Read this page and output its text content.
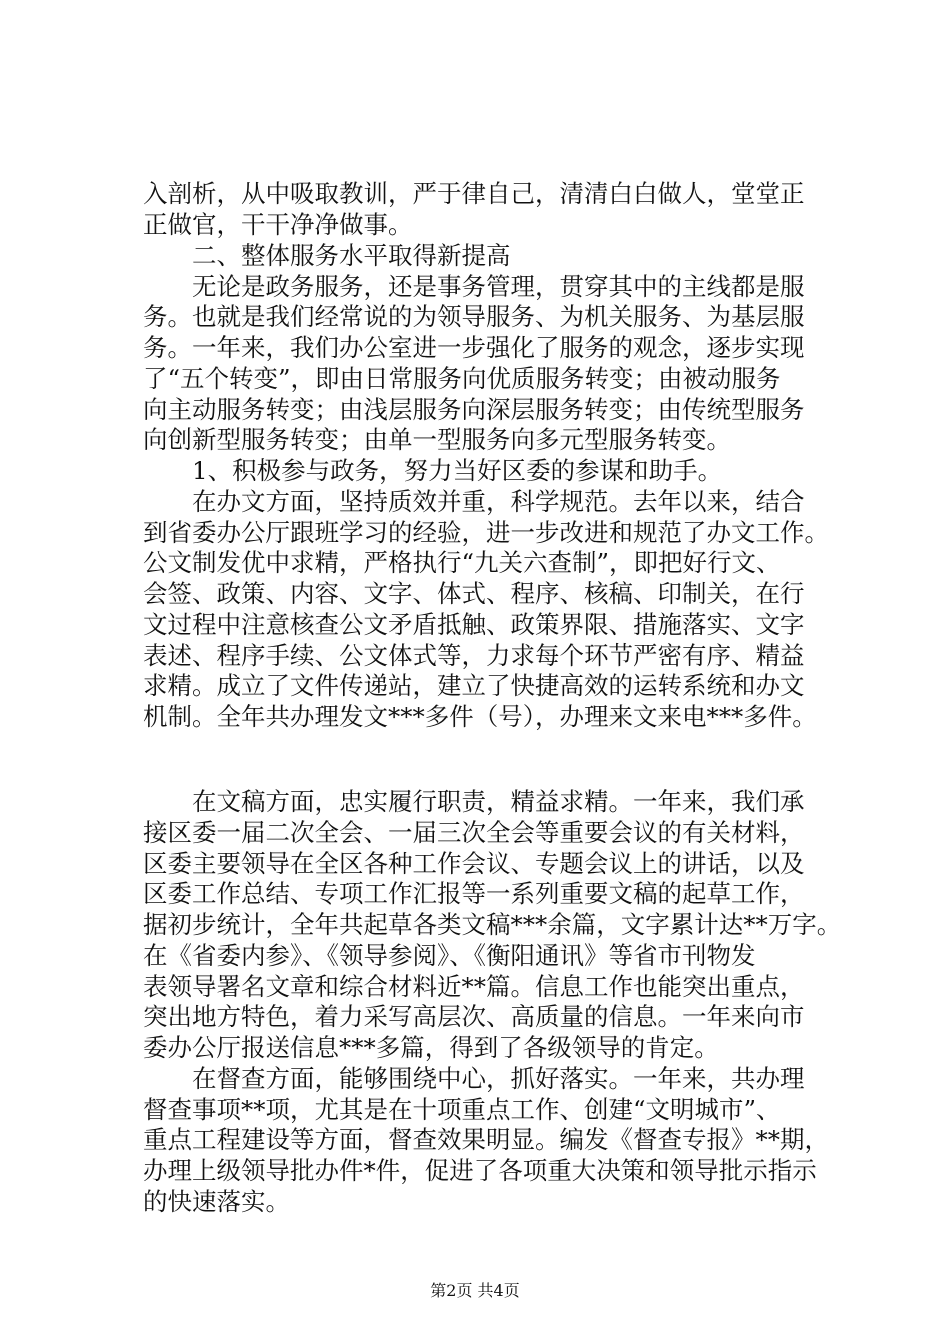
入剖析，从中吸取教训，严于律自己，清清白白做人，堂堂正
正做官，干干净净做事。
　　二、整体服务水平取得新提高
　　无论是政务服务，还是事务管理，贯穿其中的主线都是服
务。也就是我们经常说的为领导服务、为机关服务、为基层服
务。一年来，我们办公室进一步强化了服务的观念，逐步实现
了“五个转变”，即由日常服务向优质服务转变；由被动服务
向主动服务转变；由浅层服务向深层服务转变；由传统型服务
向创新型服务转变；由单一型服务向多元型服务转变。
　　1、积极参与政务，努力当好区委的参谋和助手。
　　在办文方面，坚持质效并重，科学规范。去年以来，结合
到省委办公厅跟班学习的经验，进一步改进和规范了办文工作。
公文制发优中求精，严格执行“九关六查制”，即把好行文、
会签、政策、内容、文字、体式、程序、核稿、印制关，在行
文过程中注意核查公文矛盾抵触、政策界限、措施落实、文字
表述、程序手续、公文体式等，力求每个环节严密有序、精益
求精。成立了文件传递站，建立了快捷高效的运转系统和办文
机制。全年共办理发文***多件（号），办理来文来电***多件。
　　在文稿方面，忠实履行职责，精益求精。一年来，我们承
接区委一届二次全会、一届三次全会等重要会议的有关材料，
区委主要领导在全区各种工作会议、专题会议上的讲话，以及
区委工作总结、专项工作汇报等一系列重要文稿的起草工作，
据初步统计，全年共起草各类文稿***余篇，文字累计达**万字。
在《省委内参》、《领导参阅》、《衡阳通讯》等省市刊物发
表领导署名文章和综合材料近**篇。信息工作也能突出重点，
突出地方特色，着力采写高层次、高质量的信息。一年来向市
委办公厅报送信息***多篇，得到了各级领导的肯定。
　　在督查方面，能够围绕中心，抓好落实。一年来，共办理
督查事项**项，尤其是在十项重点工作、创建“文明城市”、
重点工程建设等方面，督查效果明显。编发《督查专报》**期，
办理上级领导批办件*件，促进了各项重大决策和领导批示指示
的快速落实。
第2页 共4页
